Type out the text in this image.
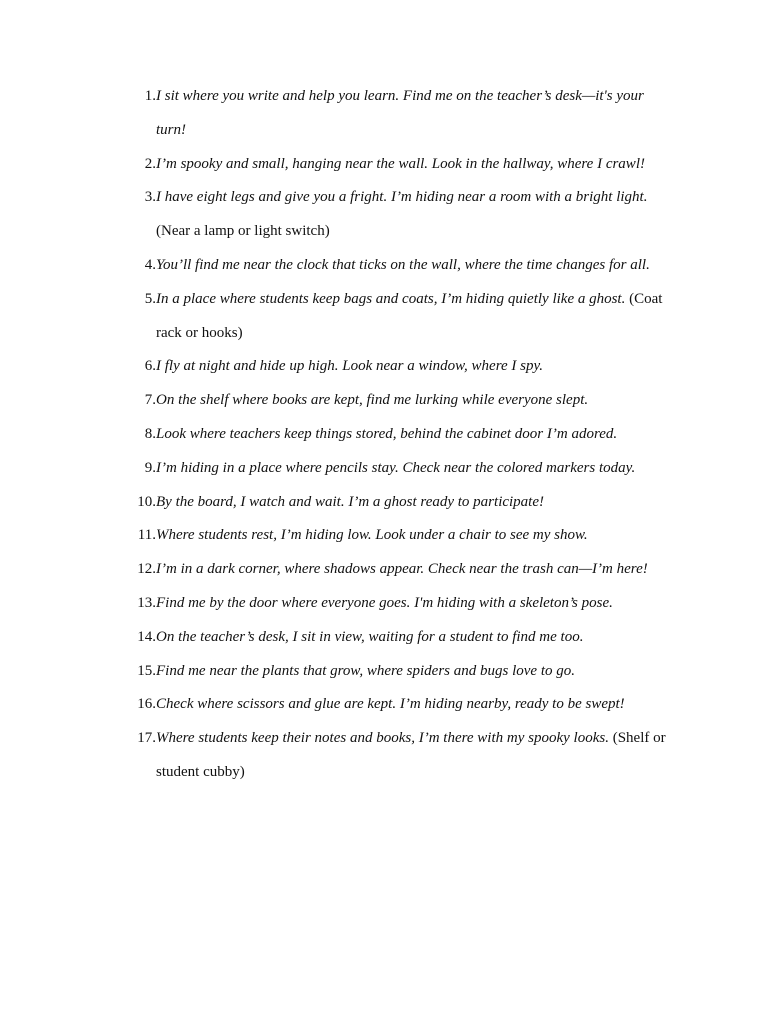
1. I sit where you write and help you learn. Find me on the teacher’s desk—it's your turn!
2. I’m spooky and small, hanging near the wall. Look in the hallway, where I crawl!
3. I have eight legs and give you a fright. I’m hiding near a room with a bright light. (Near a lamp or light switch)
4. You’ll find me near the clock that ticks on the wall, where the time changes for all.
5. In a place where students keep bags and coats, I’m hiding quietly like a ghost. (Coat rack or hooks)
6. I fly at night and hide up high. Look near a window, where I spy.
7. On the shelf where books are kept, find me lurking while everyone slept.
8. Look where teachers keep things stored, behind the cabinet door I’m adored.
9. I’m hiding in a place where pencils stay. Check near the colored markers today.
10. By the board, I watch and wait. I’m a ghost ready to participate!
11. Where students rest, I’m hiding low. Look under a chair to see my show.
12. I’m in a dark corner, where shadows appear. Check near the trash can—I’m here!
13. Find me by the door where everyone goes. I'm hiding with a skeleton’s pose.
14. On the teacher’s desk, I sit in view, waiting for a student to find me too.
15. Find me near the plants that grow, where spiders and bugs love to go.
16. Check where scissors and glue are kept. I’m hiding nearby, ready to be swept!
17. Where students keep their notes and books, I’m there with my spooky looks. (Shelf or student cubby)
